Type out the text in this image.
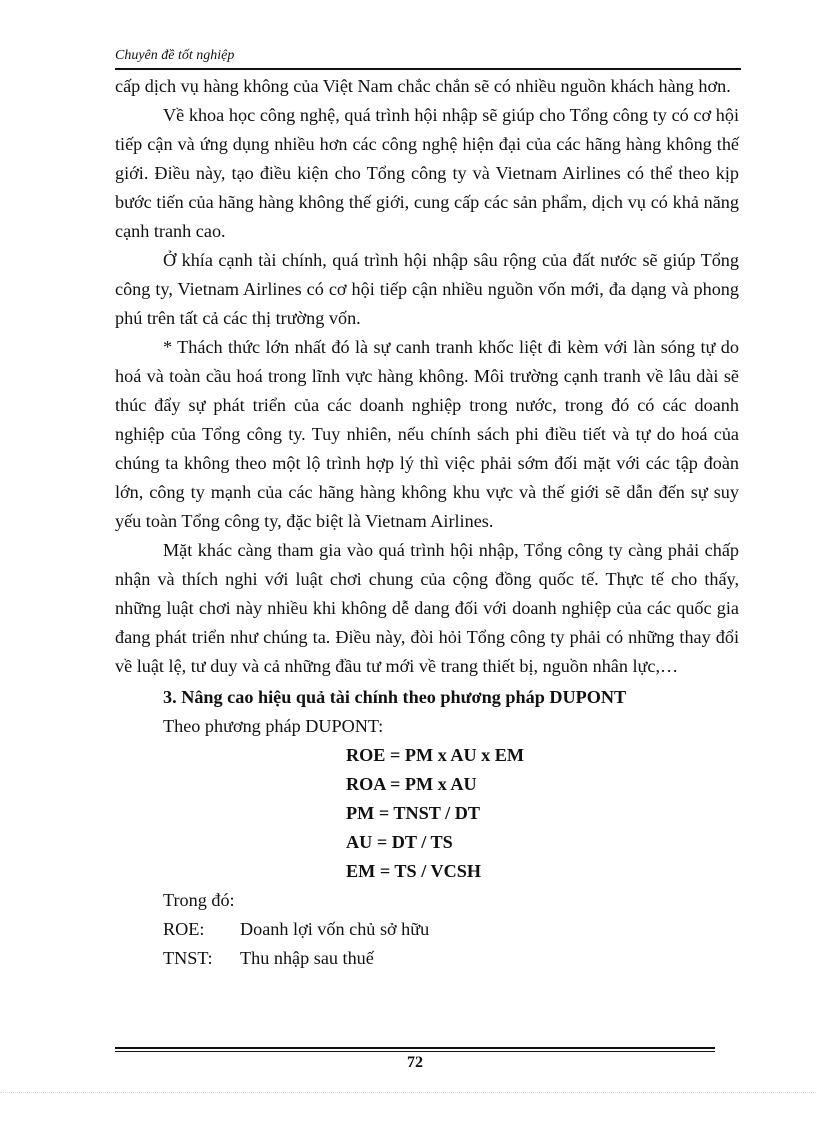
Chuyên đề tốt nghiệp

cấp dịch vụ hàng không của Việt Nam chắc chắn sẽ có nhiều nguồn khách hàng hơn.

Về khoa học công nghệ, quá trình hội nhập sẽ giúp cho Tổng công ty có cơ hội tiếp cận và ứng dụng nhiều hơn các công nghệ hiện đại của các hãng hàng không thế giới. Điều này, tạo điều kiện cho Tổng công ty và Vietnam Airlines có thể theo kịp bước tiến của hãng hàng không thế giới, cung cấp các sản phẩm, dịch vụ có khả năng cạnh tranh cao.

Ở khía cạnh tài chính, quá trình hội nhập sâu rộng của đất nước sẽ giúp Tổng công ty, Vietnam Airlines có cơ hội tiếp cận nhiều nguồn vốn mới, đa dạng và phong phú trên tất cả các thị trường vốn.

* Thách thức lớn nhất đó là sự canh tranh khốc liệt đi kèm với làn sóng tự do hoá và toàn cầu hoá trong lĩnh vực hàng không. Môi trường cạnh tranh về lâu dài sẽ thúc đẩy sự phát triển của các doanh nghiệp trong nước, trong đó có các doanh nghiệp của Tổng công ty. Tuy nhiên, nếu chính sách phi điều tiết và tự do hoá của chúng ta không theo một lộ trình hợp lý thì việc phải sớm đối mặt với các tập đoàn lớn, công ty mạnh của các hãng hàng không khu vực và thế giới sẽ dẫn đến sự suy yếu toàn Tổng công ty, đặc biệt là Vietnam Airlines.

Mặt khác càng tham gia vào quá trình hội nhập, Tổng công ty càng phải chấp nhận và thích nghi với luật chơi chung của cộng đồng quốc tế. Thực tế cho thấy, những luật chơi này nhiều khi không dễ dang đối với doanh nghiệp của các quốc gia đang phát triển như chúng ta. Điều này, đòi hỏi Tổng công ty phải có những thay đổi về luật lệ, tư duy và cả những đầu tư mới về trang thiết bị, nguồn nhân lực,…

3. Nâng cao hiệu quả tài chính theo phương pháp DUPONT

Theo phương pháp DUPONT:

ROE = PM x AU x EM
ROA = PM x AU
PM = TNST / DT
AU = DT / TS
EM = TS / VCSH

Trong đó:

ROE:	Doanh lợi vốn chủ sở hữu
TNST:	Thu nhập sau thuế
72
